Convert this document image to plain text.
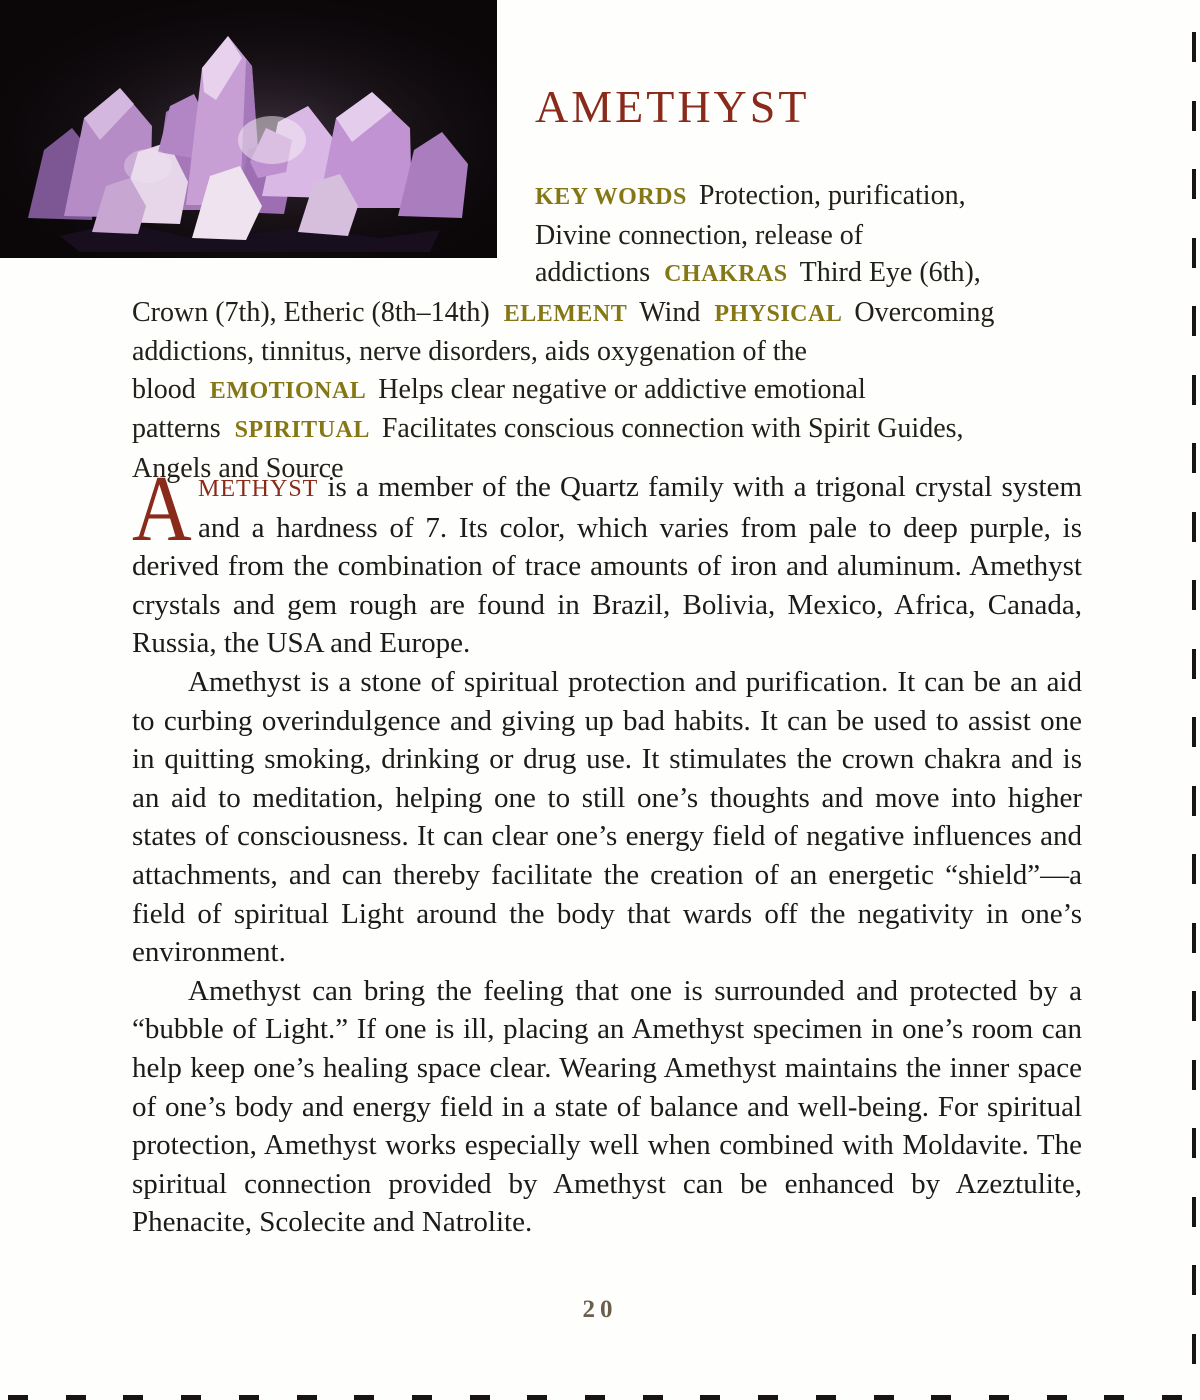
AMETHYST

KEY WORDS Protection, purification, Divine connection, release of addictions CHAKRAS Third Eye (6th), Crown (7th), Etheric (8th–14th) ELEMENT Wind PHYSICAL Overcoming addictions, tinnitus, nerve disorders, aids oxygenation of the blood EMOTIONAL Helps clear negative or addictive emotional patterns SPIRITUAL Facilitates conscious connection with Spirit Guides, Angels and Source

AMETHYST is a member of the Quartz family with a trigonal crystal system and a hardness of 7. Its color, which varies from pale to deep purple, is derived from the combination of trace amounts of iron and aluminum. Amethyst crystals and gem rough are found in Brazil, Bolivia, Mexico, Africa, Canada, Russia, the USA and Europe.

Amethyst is a stone of spiritual protection and purification. It can be an aid to curbing overindulgence and giving up bad habits. It can be used to assist one in quitting smoking, drinking or drug use. It stimulates the crown chakra and is an aid to meditation, helping one to still one’s thoughts and move into higher states of consciousness. It can clear one’s energy field of negative influences and attachments, and can thereby facilitate the creation of an energetic “shield”—a field of spiritual Light around the body that wards off the negativity in one’s environment.

Amethyst can bring the feeling that one is surrounded and protected by a “bubble of Light.” If one is ill, placing an Amethyst specimen in one’s room can help keep one’s healing space clear. Wearing Amethyst maintains the inner space of one’s body and energy field in a state of balance and well-being. For spiritual protection, Amethyst works especially well when combined with Moldavite. The spiritual connection provided by Amethyst can be enhanced by Azeztulite, Phenacite, Scolecite and Natrolite.

20
